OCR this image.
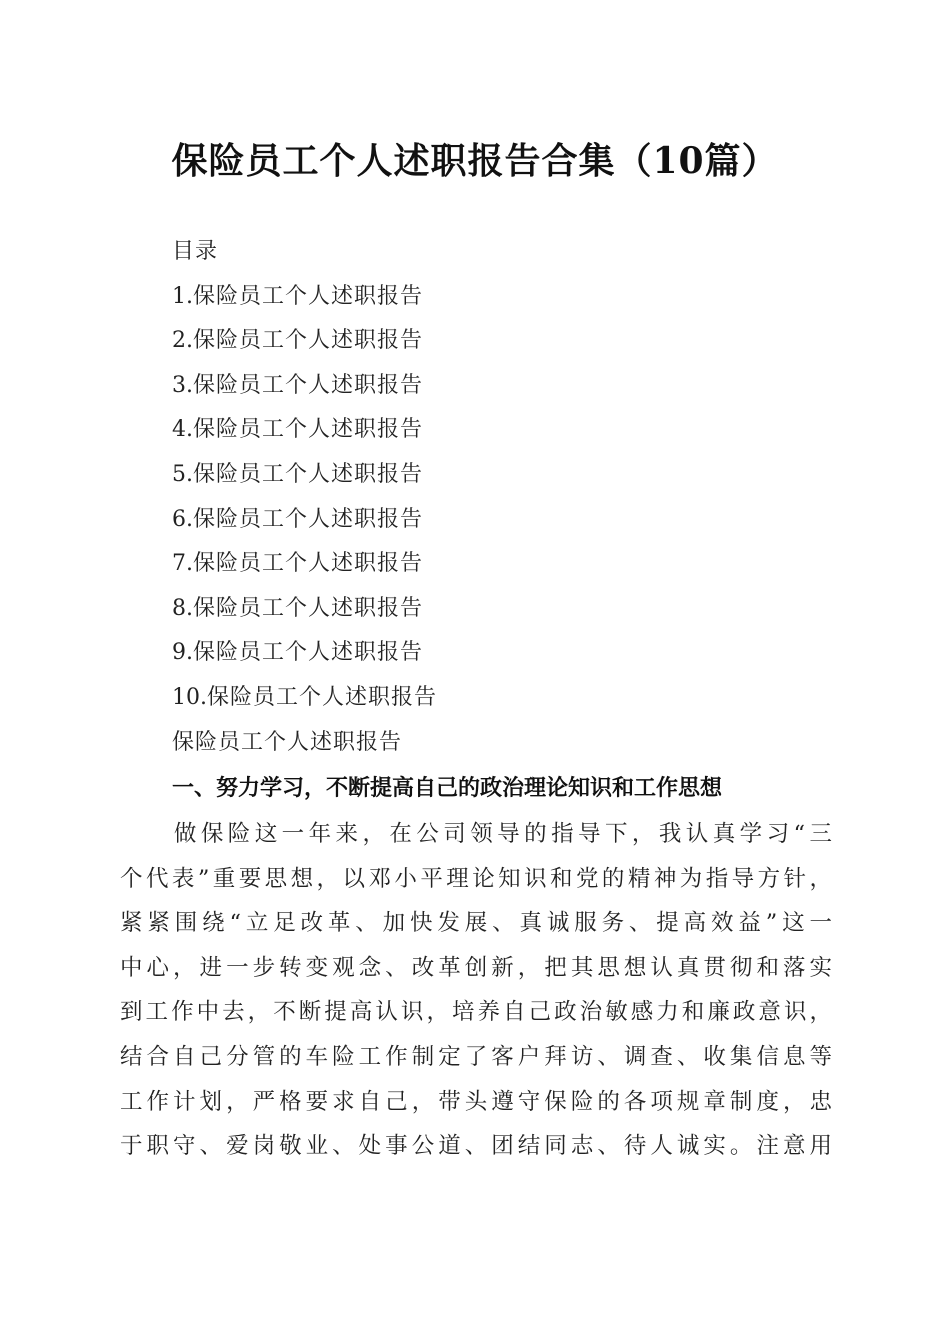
保险员工个人述职报告合集（10篇）
目录
1.保险员工个人述职报告
2.保险员工个人述职报告
3.保险员工个人述职报告
4.保险员工个人述职报告
5.保险员工个人述职报告
6.保险员工个人述职报告
7.保险员工个人述职报告
8.保险员工个人述职报告
9.保险员工个人述职报告
10.保险员工个人述职报告
保险员工个人述职报告
一、努力学习，不断提高自己的政治理论知识和工作思想
　　做保险这一年来，在公司领导的指导下，我认真学习“三
个代表”重要思想，以邓小平理论知识和党的精神为指导方针，
紧紧围绕“立足改革、加快发展、真诚服务、提高效益”这一
中心，进一步转变观念、改革创新，把其思想认真贯彻和落实
到工作中去，不断提高认识，培养自己政治敏感力和廉政意识，
结合自己分管的车险工作制定了客户拜访、调查、收集信息等
工作计划，严格要求自己，带头遵守保险的各项规章制度，忠
于职守、爱岗敬业、处事公道、团结同志、待人诚实。注意用
